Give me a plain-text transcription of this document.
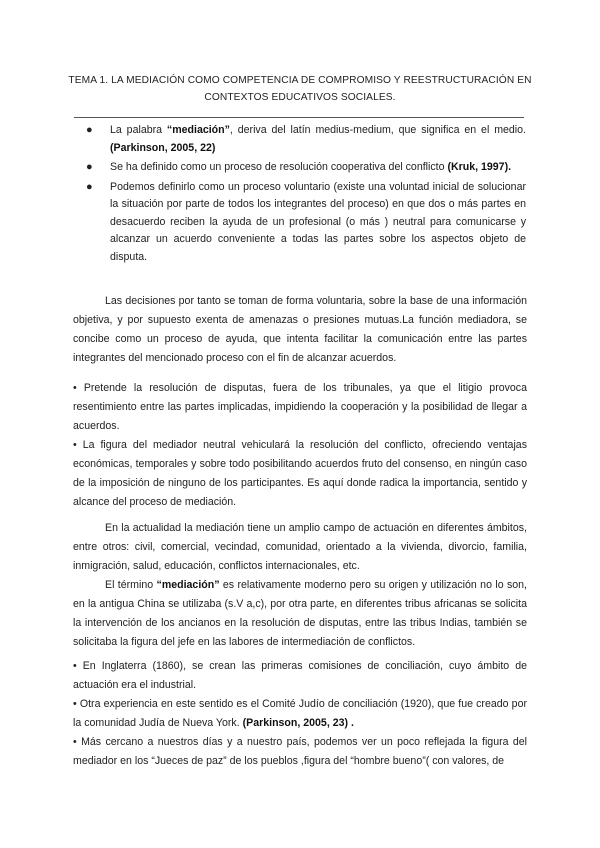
TEMA 1. LA MEDIACIÓN COMO COMPETENCIA DE COMPROMISO Y REESTRUCTURACIÓN EN
CONTEXTOS EDUCATIVOS SOCIALES.
● La palabra “mediación”, deriva del latín medius-medium, que significa en el medio. (Parkinson, 2005, 22)
● Se ha definido como un proceso de resolución cooperativa del conflicto (Kruk, 1997).
● Podemos definirlo como un proceso voluntario (existe una voluntad inicial de solucionar la situación por parte de todos los integrantes del proceso) en que dos o más partes en desacuerdo reciben la ayuda de un profesional (o más ) neutral para comunicarse y alcanzar un acuerdo conveniente a todas las partes sobre los aspectos objeto de disputa.

Las decisiones por tanto se toman de forma voluntaria, sobre la base de una información objetiva, y por supuesto exenta de amenazas o presiones mutuas.La función mediadora, se concibe como un proceso de ayuda, que intenta facilitar la comunicación entre las partes integrantes del mencionado proceso con el fin de alcanzar acuerdos.

• Pretende la resolución de disputas, fuera de los tribunales, ya que el litigio provoca resentimiento entre las partes implicadas, impidiendo la cooperación y la posibilidad de llegar a acuerdos.

• La figura del mediador neutral vehiculará la resolución del conflicto, ofreciendo ventajas económicas, temporales y sobre todo posibilitando acuerdos fruto del consenso, en ningún caso de la imposición de ninguno de los participantes. Es aquí donde radica la importancia, sentido y alcance del proceso de mediación.

En la actualidad la mediación tiene un amplio campo de actuación en diferentes ámbitos, entre otros: civil, comercial, vecindad, comunidad, orientado a la vivienda, divorcio, familia, inmigración, salud, educación, conflictos internacionales, etc.

El término “mediación” es relativamente moderno pero su origen y utilización no lo son, en la antigua China se utilizaba (s.V a,c), por otra parte, en diferentes tribus africanas se solicita la intervención de los ancianos en la resolución de disputas, entre las tribus Indias, también se solicitaba la figura del jefe en las labores de intermediación de conflictos.

• En Inglaterra (1860), se crean las primeras comisiones de conciliación, cuyo ámbito de actuación era el industrial.

• Otra experiencia en este sentido es el Comité Judío de conciliación (1920), que fue creado por la comunidad Judía de Nueva York. (Parkinson, 2005, 23) .

• Más cercano a nuestros días y a nuestro país, podemos ver un poco reflejada la figura del mediador en los “Jueces de paz” de los pueblos ,figura del “hombre bueno”( con valores, de
